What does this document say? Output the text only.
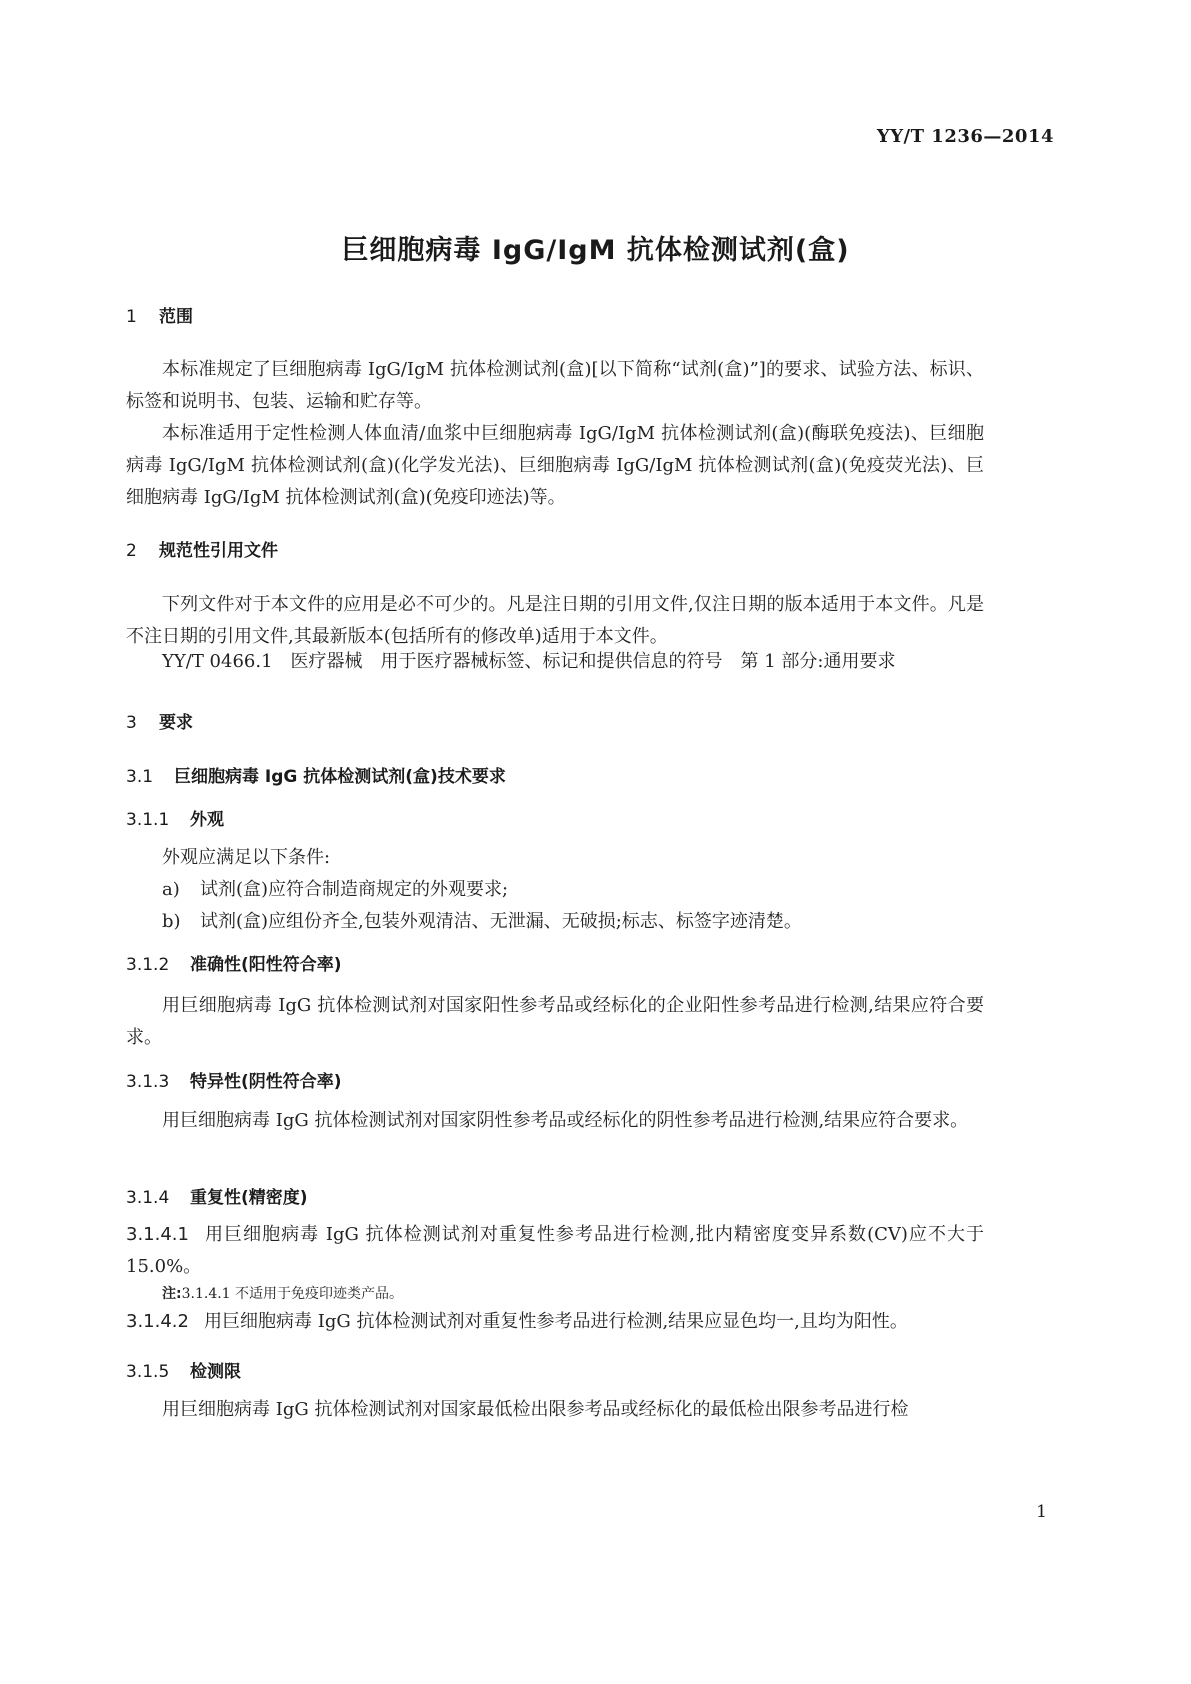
YY/T 1236—2014
巨细胞病毒 IgG/IgM 抗体检测试剂(盒)
1 范围
本标准规定了巨细胞病毒 IgG/IgM 抗体检测试剂(盒)[以下简称“试剂(盒)”]的要求、试验方法、标识、标签和说明书、包装、运输和贮存等。
本标准适用于定性检测人体血清/血浆中巨细胞病毒 IgG/IgM 抗体检测试剂(盒)(酶联免疫法)、巨细胞病毒 IgG/IgM 抗体检测试剂(盒)(化学发光法)、巨细胞病毒 IgG/IgM 抗体检测试剂(盒)(免疫荧光法)、巨细胞病毒 IgG/IgM 抗体检测试剂(盒)(免疫印迹法)等。
2 规范性引用文件
下列文件对于本文件的应用是必不可少的。凡是注日期的引用文件,仅注日期的版本适用于本文件。凡是不注日期的引用文件,其最新版本(包括所有的修改单)适用于本文件。
YY/T 0466.1　医疗器械　用于医疗器械标签、标记和提供信息的符号　第 1 部分:通用要求
3 要求
3.1 巨细胞病毒 IgG 抗体检测试剂(盒)技术要求
3.1.1 外观
外观应满足以下条件:
a) 试剂(盒)应符合制造商规定的外观要求;
b) 试剂(盒)应组份齐全,包装外观清洁、无泄漏、无破损;标志、标签字迹清楚。
3.1.2 准确性(阳性符合率)
用巨细胞病毒 IgG 抗体检测试剂对国家阳性参考品或经标化的企业阳性参考品进行检测,结果应符合要求。
3.1.3 特异性(阴性符合率)
用巨细胞病毒 IgG 抗体检测试剂对国家阴性参考品或经标化的阴性参考品进行检测,结果应符合要求。
3.1.4 重复性(精密度)
3.1.4.1 用巨细胞病毒 IgG 抗体检测试剂对重复性参考品进行检测,批内精密度变异系数(CV)应不大于 15.0%。
注:3.1.4.1 不适用于免疫印迹类产品。
3.1.4.2 用巨细胞病毒 IgG 抗体检测试剂对重复性参考品进行检测,结果应显色均一,且均为阳性。
3.1.5 检测限
用巨细胞病毒 IgG 抗体检测试剂对国家最低检出限参考品或经标化的最低检出限参考品进行检
1
